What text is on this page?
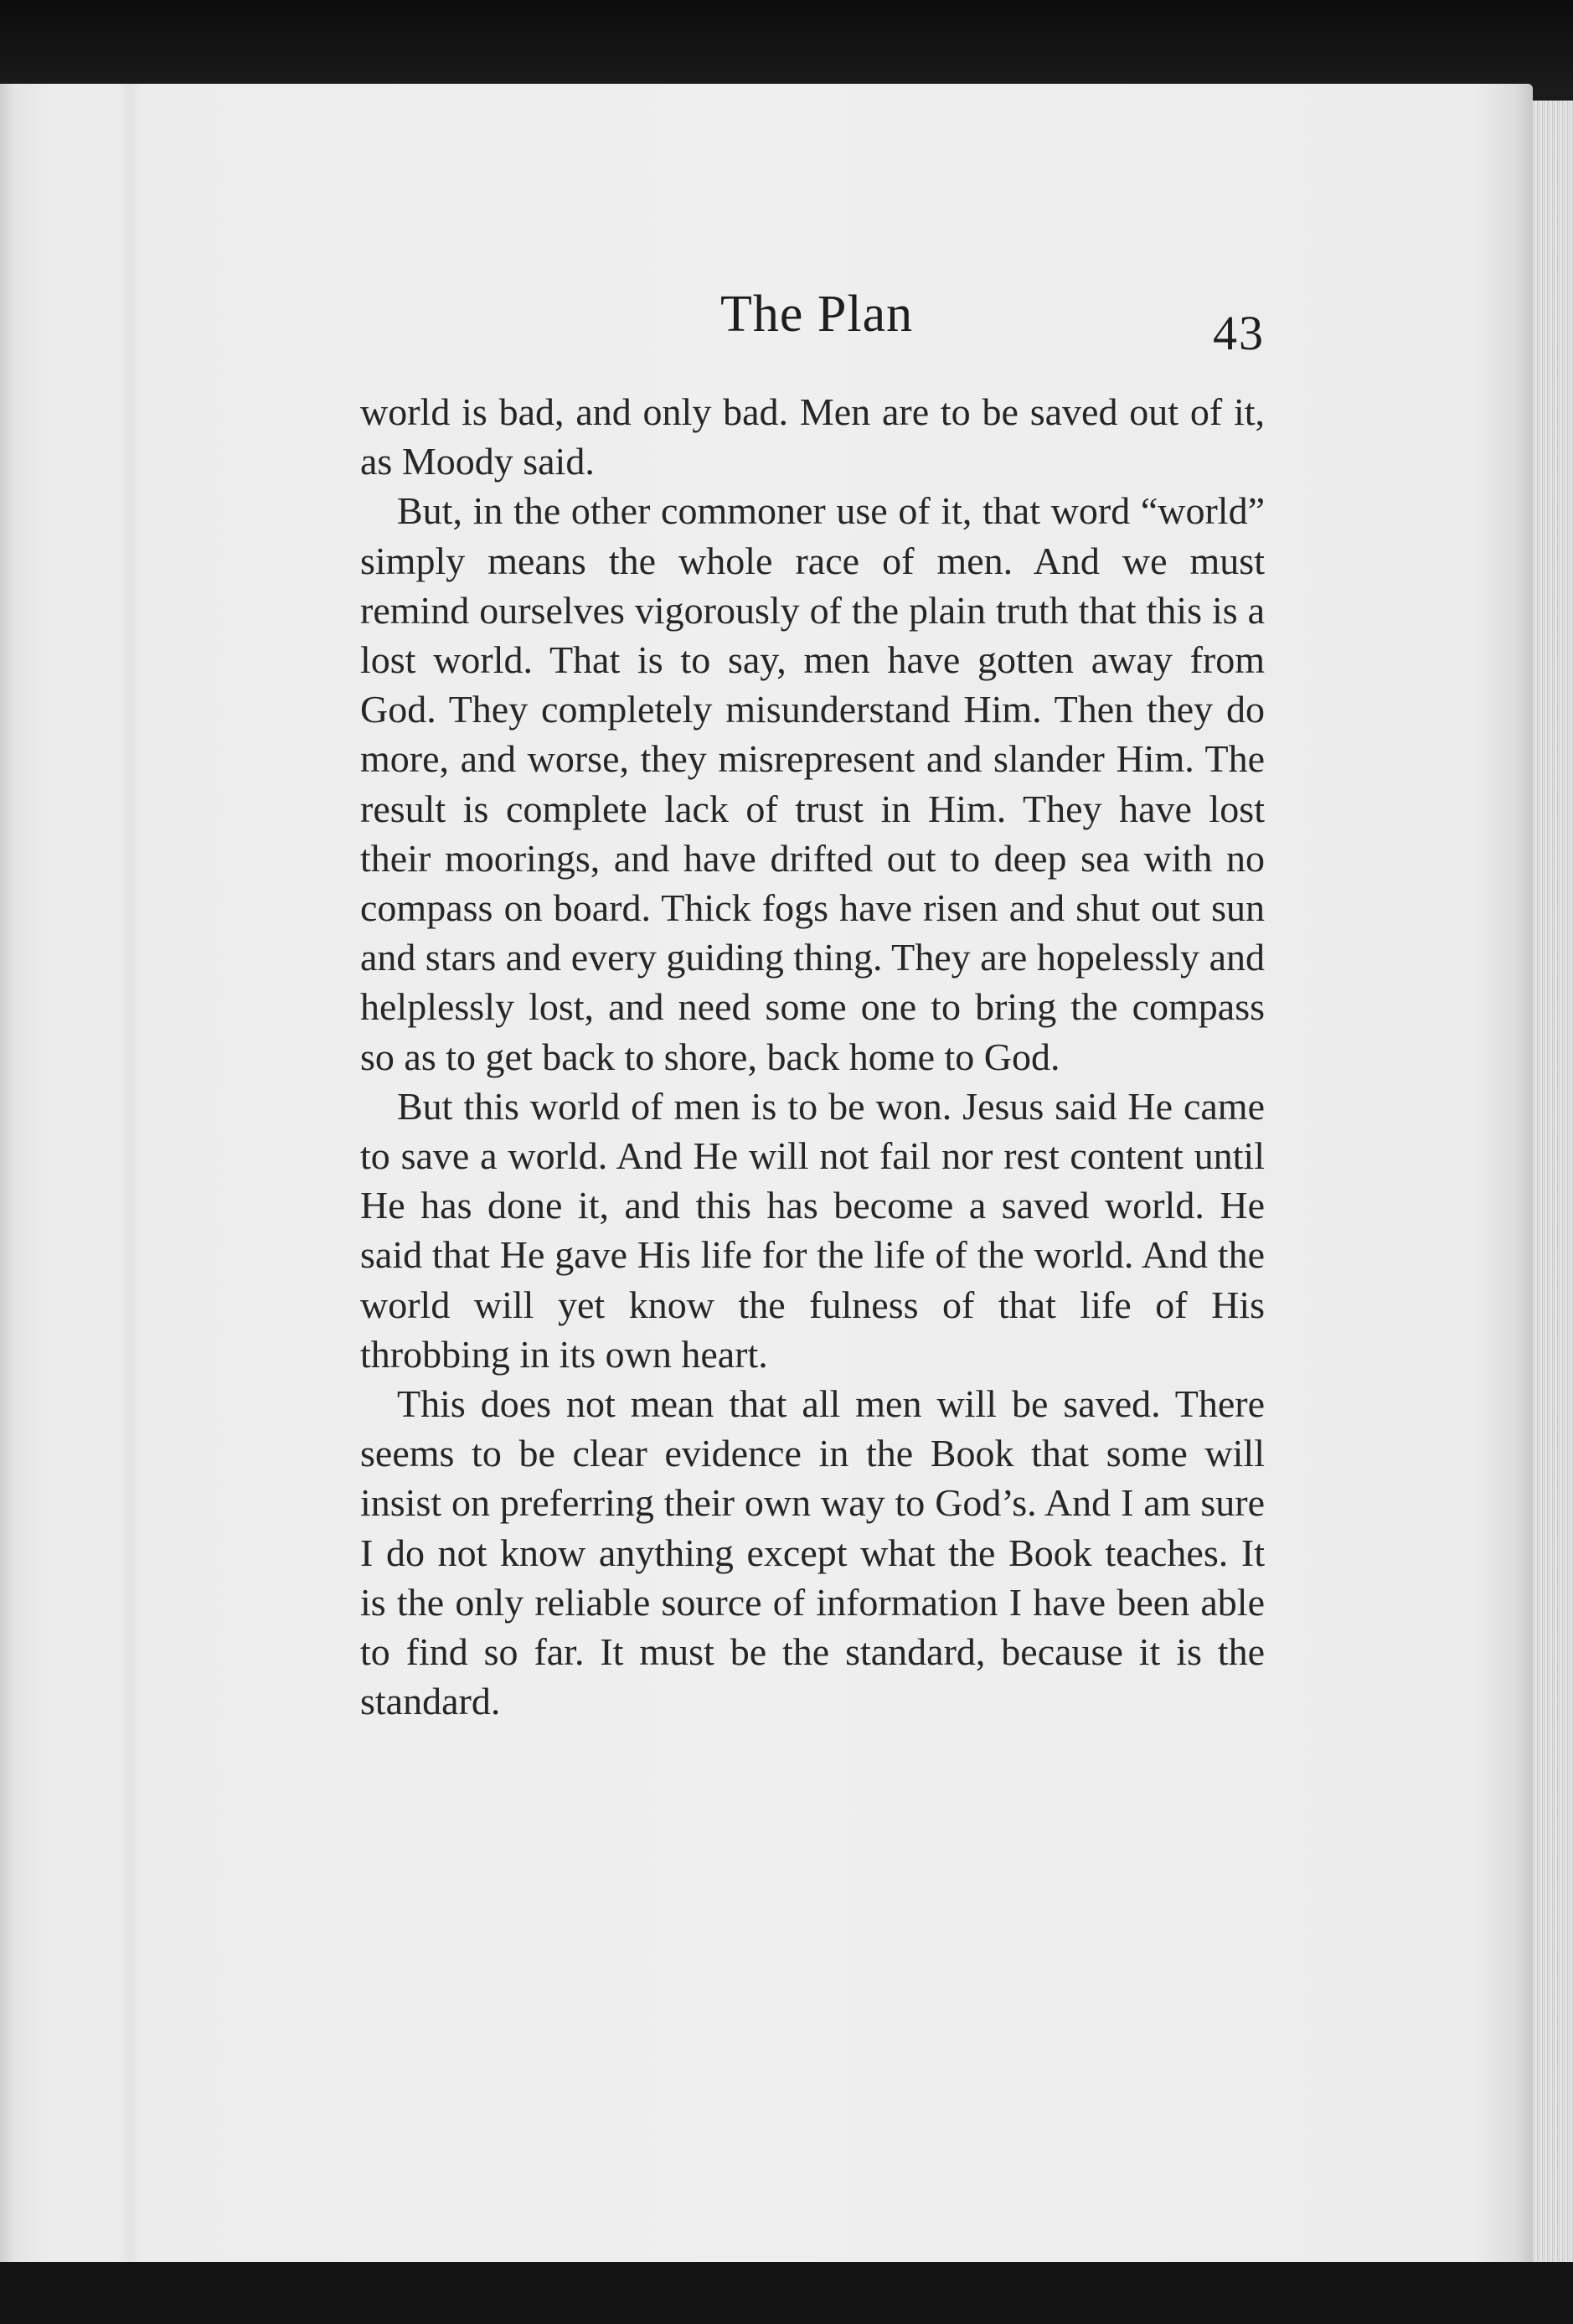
The Plan	43

world is bad, and only bad. Men are to be saved out of it, as Moody said.

But, in the other commoner use of it, that word “world” simply means the whole race of men. And we must remind ourselves vigorously of the plain truth that this is a lost world. That is to say, men have gotten away from God. They completely misunderstand Him. Then they do more, and worse, they misrepresent and slander Him. The result is complete lack of trust in Him. They have lost their moorings, and have drifted out to deep sea with no compass on board. Thick fogs have risen and shut out sun and stars and every guiding thing. They are hopelessly and helplessly lost, and need some one to bring the compass so as to get back to shore, back home to God.

But this world of men is to be won. Jesus said He came to save a world. And He will not fail nor rest content until He has done it, and this has become a saved world. He said that He gave His life for the life of the world. And the world will yet know the fulness of that life of His throbbing in its own heart.

This does not mean that all men will be saved. There seems to be clear evidence in the Book that some will insist on preferring their own way to God’s. And I am sure I do not know anything except what the Book teaches. It is the only reliable source of information I have been able to find so far. It must be the standard, because it is the standard.
